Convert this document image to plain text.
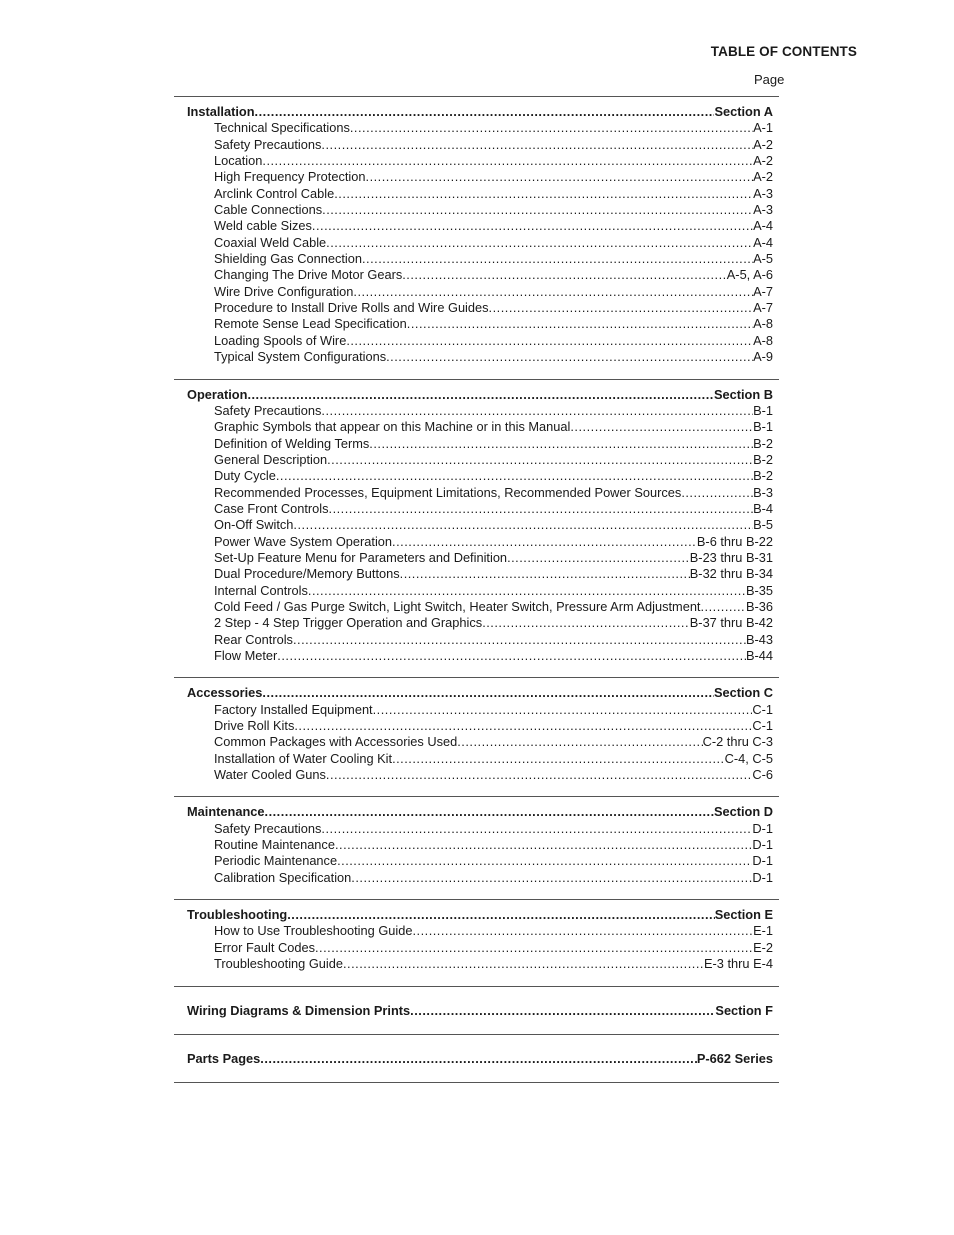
TABLE OF CONTENTS
Page
Installation .....	Section A
Technical Specifications .....	A-1
Safety Precautions .....	A-2
Location .....	A-2
High Frequency Protection .....	A-2
Arclink Control Cable .....	A-3
Cable Connections .....	A-3
Weld cable Sizes .....	A-4
Coaxial Weld Cable .....	A-4
Shielding Gas Connection .....	A-5
Changing The Drive Motor Gears .....	A-5, A-6
Wire Drive Configuration .....	A-7
Procedure to Install Drive Rolls and Wire Guides .....	A-7
Remote Sense Lead Specification .....	A-8
Loading Spools of Wire .....	A-8
Typical System Configurations .....	A-9
Operation .....	Section B
Safety Precautions .....	B-1
Graphic Symbols that appear on this Machine or in this Manual .....	B-1
Definition of Welding Terms .....	B-2
General Description .....	B-2
Duty Cycle .....	B-2
Recommended Processes, Equipment Limitations, Recommended Power Sources .....	B-3
Case Front Controls .....	B-4
On-Off Switch .....	B-5
Power Wave System Operation .....	B-6 thru B-22
Set-Up Feature Menu for Parameters and Definition .....	B-23 thru B-31
Dual Procedure/Memory Buttons .....	B-32 thru B-34
Internal Controls .....	B-35
Cold Feed / Gas Purge Switch, Light Switch, Heater Switch, Pressure Arm Adjustment .....	B-36
2 Step - 4 Step Trigger Operation and Graphics .....	B-37 thru B-42
Rear Controls .....	B-43
Flow Meter .....	B-44
Accessories .....	Section C
Factory Installed Equipment .....	C-1
Drive Roll Kits .....	C-1
Common Packages with Accessories Used .....	C-2 thru C-3
Installation of Water Cooling Kit .....	C-4, C-5
Water Cooled Guns .....	C-6
Maintenance .....	Section D
Safety Precautions .....	D-1
Routine Maintenance .....	D-1
Periodic Maintenance .....	D-1
Calibration Specification .....	D-1
Troubleshooting .....	Section E
How to Use Troubleshooting Guide .....	E-1
Error Fault Codes .....	E-2
Troubleshooting Guide .....	E-3 thru E-4
Wiring Diagrams & Dimension Prints .....	Section F
Parts Pages .....	P-662 Series
